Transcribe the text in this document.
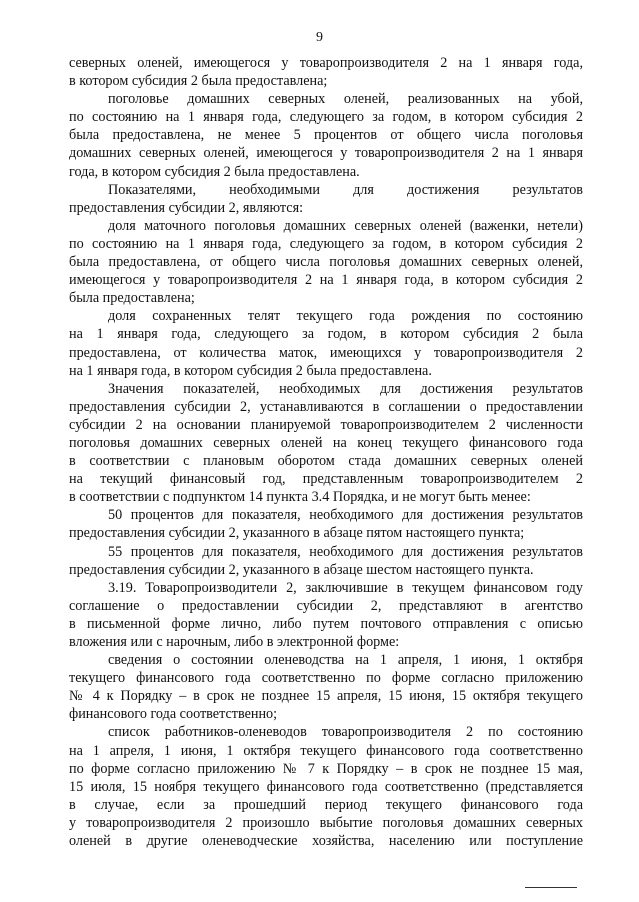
9
северных оленей, имеющегося у товаропроизводителя 2 на 1 января года,
в котором субсидия 2 была предоставлена;
поголовье домашних северных оленей, реализованных на убой,
по состоянию на 1 января года, следующего за годом, в котором субсидия 2
была предоставлена, не менее 5 процентов от общего числа поголовья
домашних северных оленей, имеющегося у товаропроизводителя 2 на 1 января
года, в котором субсидия 2 была предоставлена.
Показателями, необходимыми для достижения результатов
предоставления субсидии 2, являются:
доля маточного поголовья домашних северных оленей (важенки, нетели)
по состоянию на 1 января года, следующего за годом, в котором субсидия 2
была предоставлена, от общего числа поголовья домашних северных оленей,
имеющегося у товаропроизводителя 2 на 1 января года, в котором субсидия 2
была предоставлена;
доля сохраненных телят текущего года рождения по состоянию
на 1 января года, следующего за годом, в котором субсидия 2 была
предоставлена, от количества маток, имеющихся у товаропроизводителя 2
на 1 января года, в котором субсидия 2 была предоставлена.
Значения показателей, необходимых для достижения результатов
предоставления субсидии 2, устанавливаются в соглашении о предоставлении
субсидии 2 на основании планируемой товаропроизводителем 2 численности
поголовья домашних северных оленей на конец текущего финансового года
в соответствии с плановым оборотом стада домашних северных оленей
на текущий финансовый год, представленным товаропроизводителем 2
в соответствии с подпунктом 14 пункта 3.4 Порядка, и не могут быть менее:
50 процентов для показателя, необходимого для достижения результатов
предоставления субсидии 2, указанного в абзаце пятом настоящего пункта;
55 процентов для показателя, необходимого для достижения результатов
предоставления субсидии 2, указанного в абзаце шестом настоящего пункта.
3.19. Товаропроизводители 2, заключившие в текущем финансовом году
соглашение о предоставлении субсидии 2, представляют в агентство
в письменной форме лично, либо путем почтового отправления с описью
вложения или с нарочным, либо в электронной форме:
сведения о состоянии оленеводства на 1 апреля, 1 июня, 1 октября
текущего финансового года соответственно по форме согласно приложению
№ 4 к Порядку – в срок не позднее 15 апреля, 15 июня, 15 октября текущего
финансового года соответственно;
список работников-оленеводов товаропроизводителя 2 по состоянию
на 1 апреля, 1 июня, 1 октября текущего финансового года соответственно
по форме согласно приложению № 7 к Порядку – в срок не позднее 15 мая,
15 июля, 15 ноября текущего финансового года соответственно (представляется
в случае, если за прошедший период текущего финансового года
у товаропроизводителя 2 произошло выбытие поголовья домашних северных
оленей в другие оленеводческие хозяйства, населению или поступление
